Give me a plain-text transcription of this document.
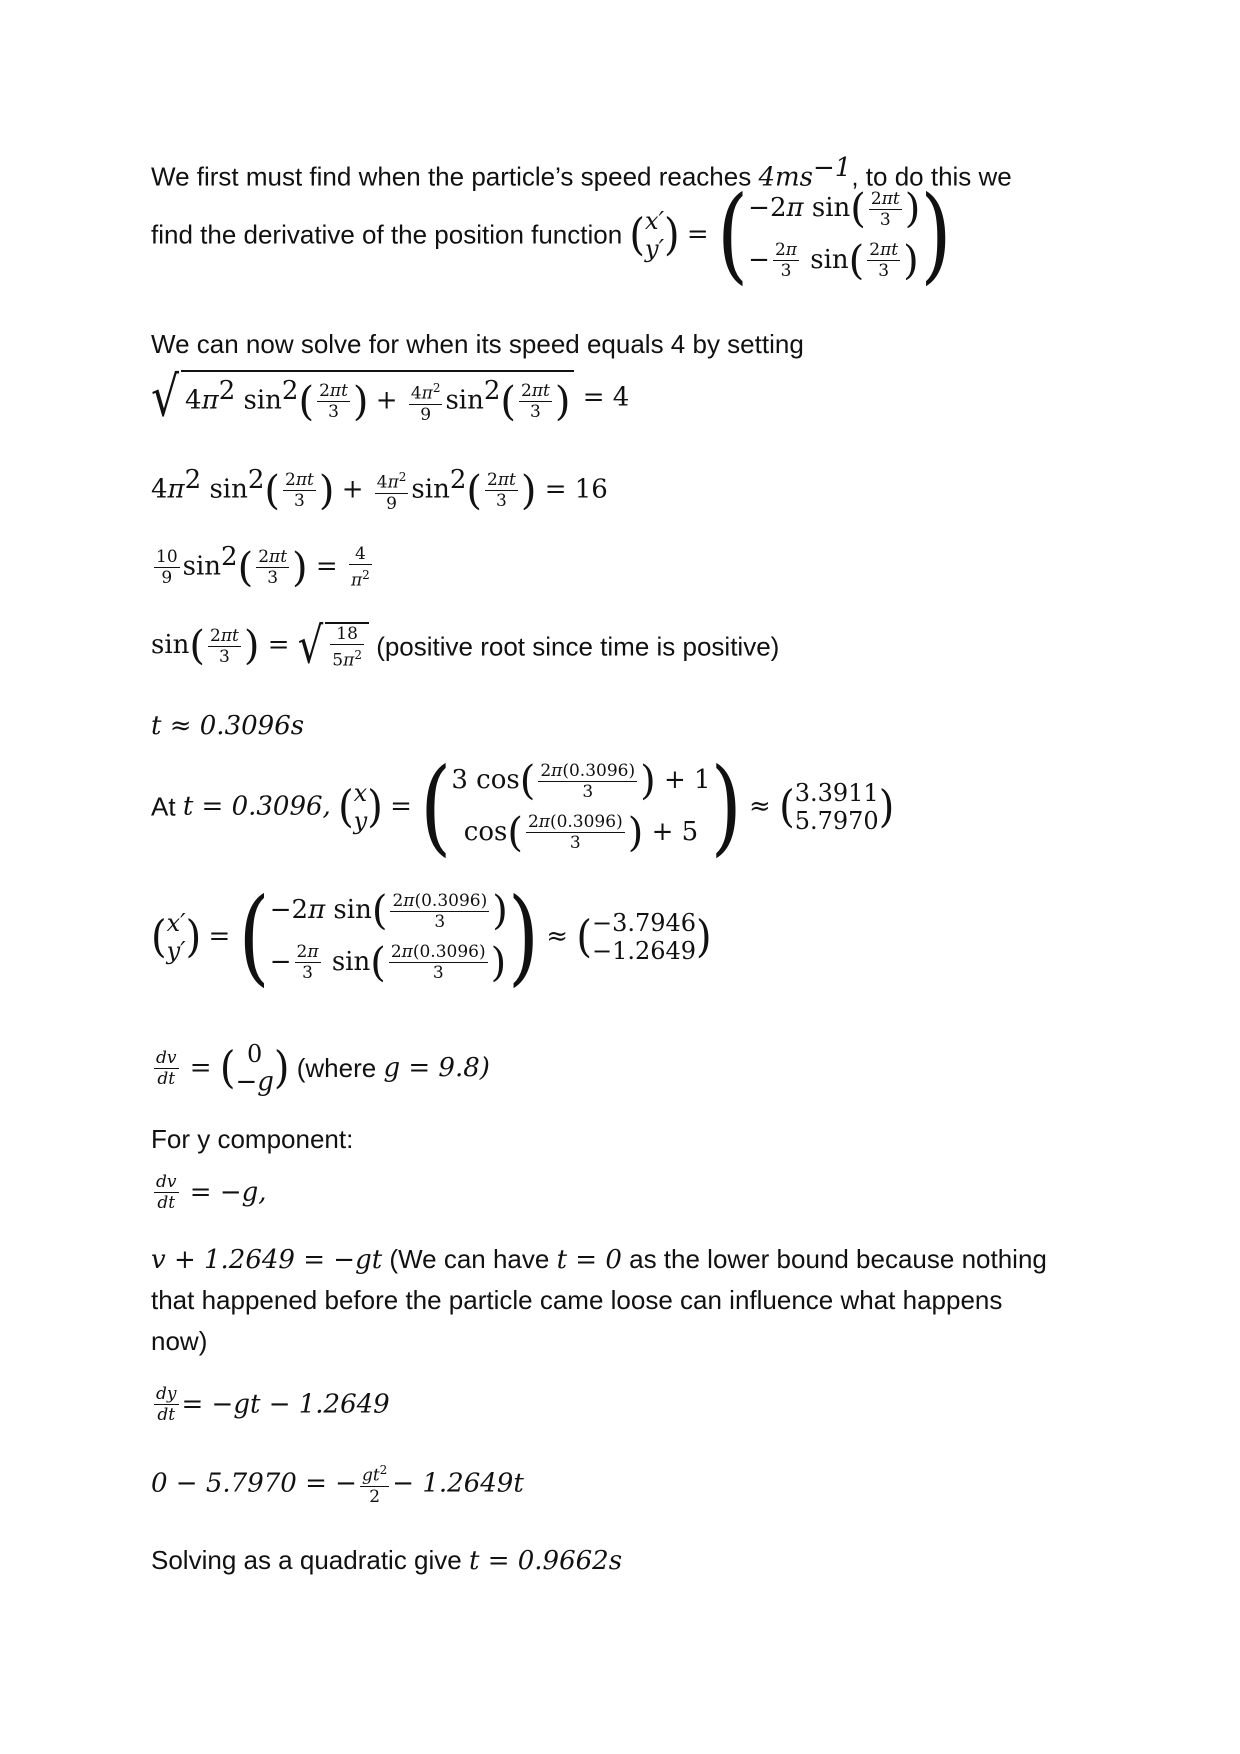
We first must find when the particle’s speed reaches $4ms^{-1}$, to do this we
find the derivative of the position function ( x′
y′ ) = ( −2π $\sin( \frac{2\pi t}{3}$ )
− $\frac{2\pi}{3} \sin( \frac{2\pi t}{3}$ ) )
We can now solve for when its speed equals 4 by setting
√ $4\pi^2$ $\sin^2( \frac{2\pi t}{3}$ ) + $\frac{4\pi^2}{9} \sin^2( \frac{2\pi t}{3}$ ) = 4
$4\pi^2$ $\sin^2( \frac{2\pi t}{3}$ ) + $\frac{4\pi^2}{9} \sin^2( \frac{2\pi t}{3}$ ) = 16
$\frac{10}{9} \sin^2( \frac{2\pi t}{3}$ ) = $\frac{4}{\pi^2}$
$\sin( \frac{2\pi t}{3}$ ) = √ $\frac{18}{5\pi^2}$ (positive root since time is positive)
t ≈ 0.3096s
At t = 0.3096, ( x
y ) = ( 3 $\cos( \frac{2\pi(0.3096)}{3}$ ) + 1
$\cos( \frac{2\pi(0.3096)}{3}$ ) + 5 ) ≈ ( 3.3911
5.7970 )
( x′
y′ ) = ( −2π $\sin( \frac{2\pi(0.3096)}{3}$ )
− $\frac{2\pi}{3} \sin( \frac{2\pi(0.3096)}{3}$ ) ) ≈ ( −3.7946
−1.2649 )
$\frac{dv}{dt}$ = ( 0
−g ) (where g = 9.8)
For y component:
$\frac{dv}{dt} = -g$,
v + 1.2649 = −gt (We can have t = 0 as the lower bound because nothing
that happened before the particle came loose can influence what happens
now)
$\frac{dy}{dt} = -gt - 1.2649$
0 − 5.7970 = − $\frac{gt^2}{2} - 1.2649t$
Solving as a quadratic give t = 0.9662s
